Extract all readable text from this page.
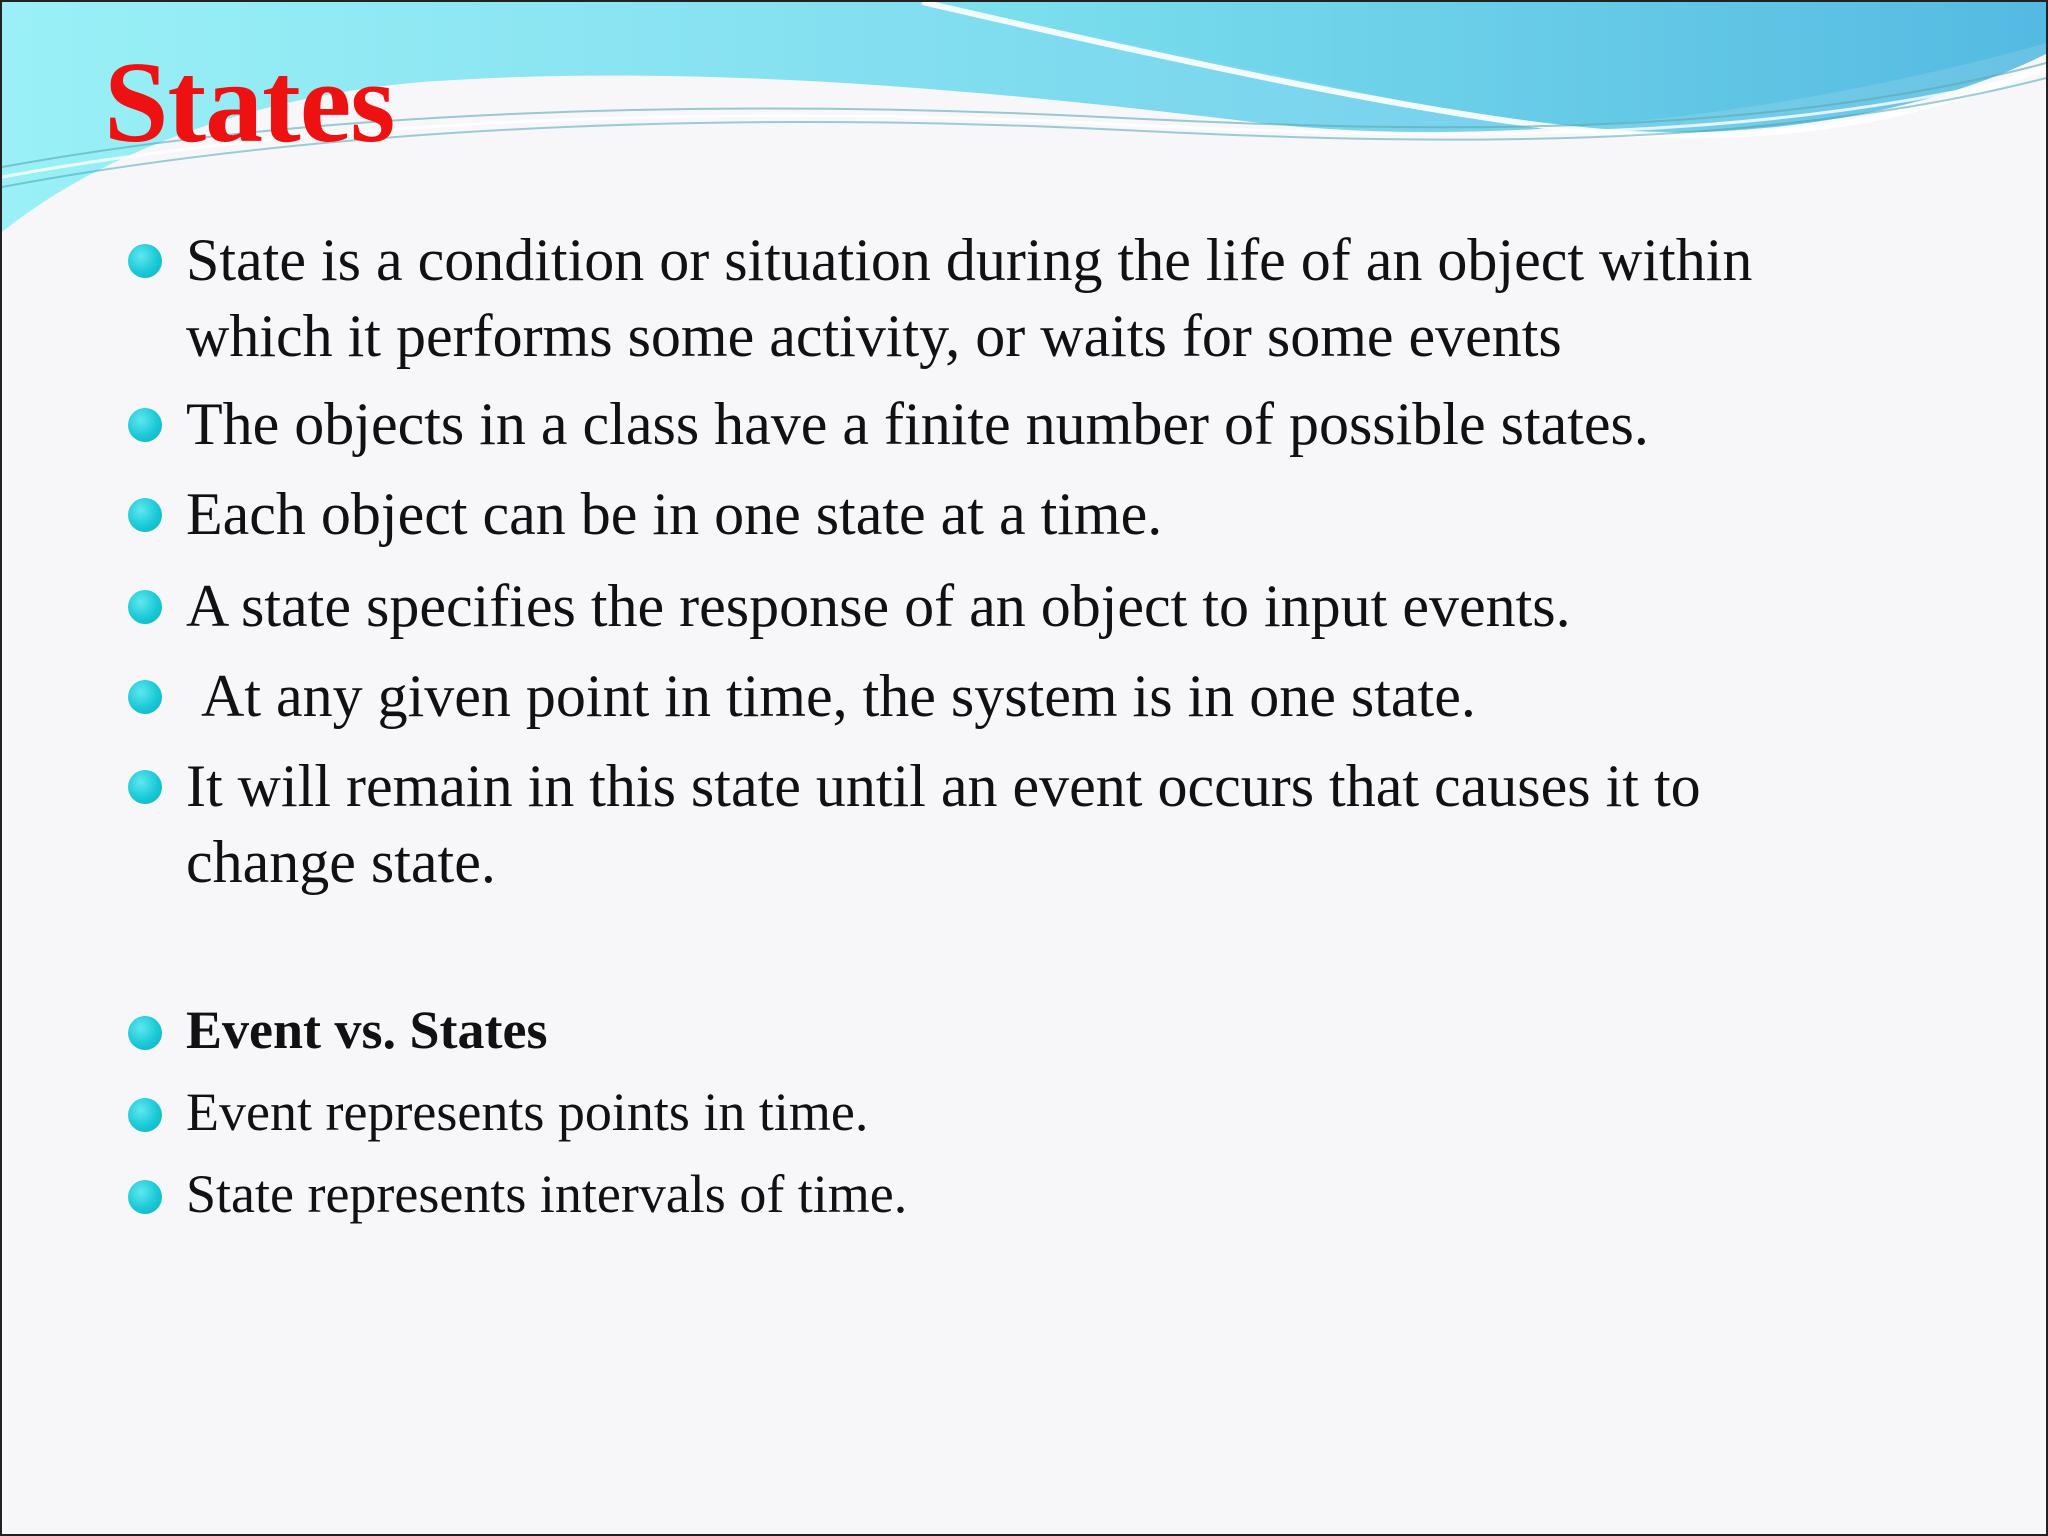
States
State is a condition or situation during the life of an object within
which it performs some activity, or waits for some events
The objects in a class have a finite number of possible states.
Each object can be in one state at a time.
A state specifies the response of an object to input events.
At any given point in time, the system is in one state.
It will remain in this state until an event occurs that causes it to
change state.
Event vs. States
Event represents points in time.
State represents intervals of time.
